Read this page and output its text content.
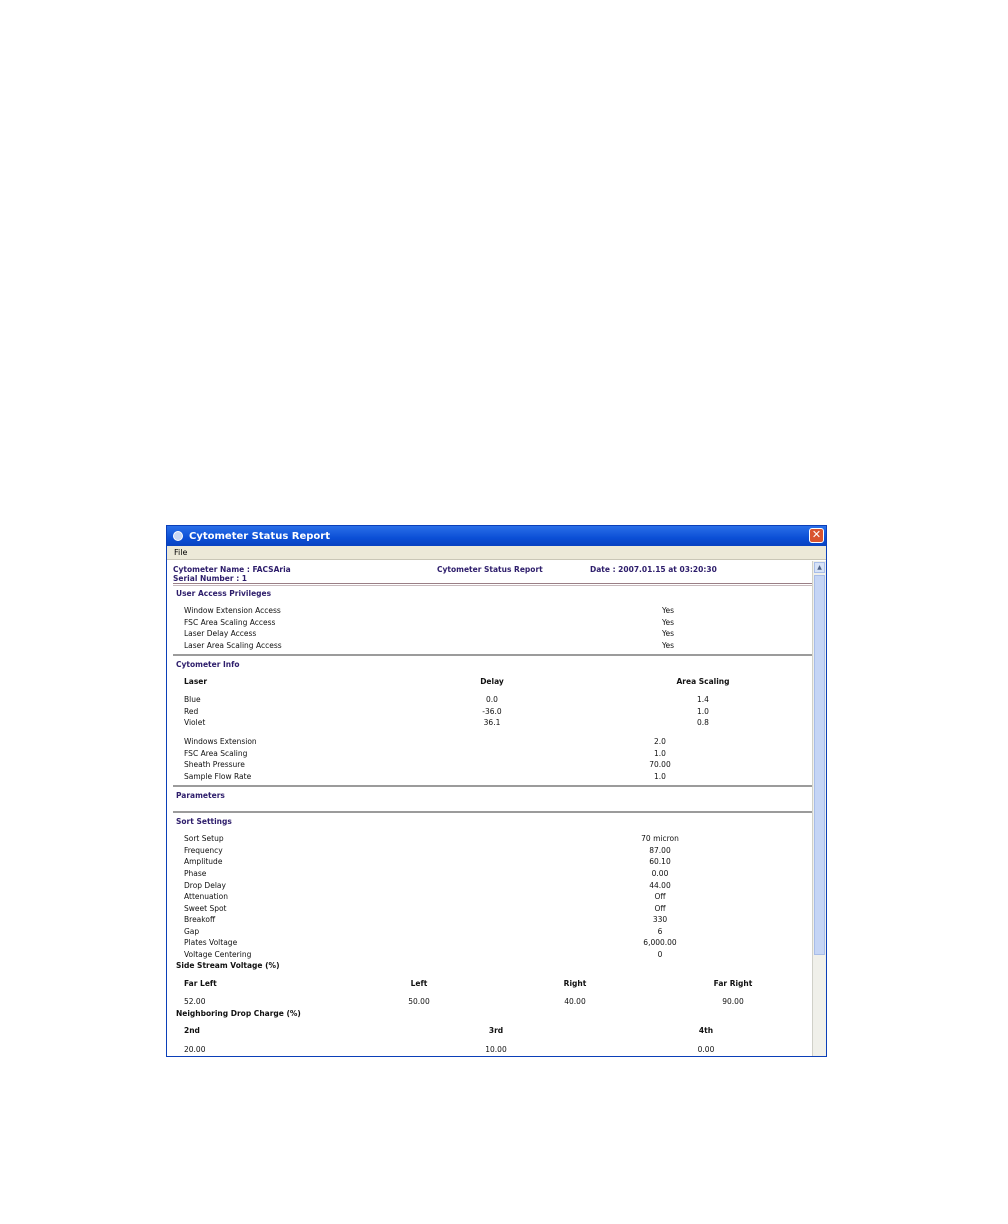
Cytometer Status Report	✕
File
Cytometer Name : FACSAria
Serial Number : 1
Cytometer Status Report	Date : 2007.01.15 at 03:20:30
User Access Privileges
Window Extension Access	Yes
FSC Area Scaling Access	Yes
Laser Delay Access	Yes
Laser Area Scaling Access	Yes
Cytometer Info
Laser	Delay	Area Scaling
Blue	0.0	1.4
Red	-36.0	1.0
Violet	36.1	0.8
Windows Extension	2.0
FSC Area Scaling	1.0
Sheath Pressure	70.00
Sample Flow Rate	1.0
Parameters
Sort Settings
Sort Setup	70 micron
Frequency	87.00
Amplitude	60.10
Phase	0.00
Drop Delay	44.00
Attenuation	Off
Sweet Spot	Off
Breakoff	330
Gap	6
Plates Voltage	6,000.00
Voltage Centering	0
Side Stream Voltage (%)
Far Left	Left	Right	Far Right
52.00	50.00	40.00	90.00
Neighboring Drop Charge (%)
2nd	3rd	4th
20.00	10.00	0.00
▲
